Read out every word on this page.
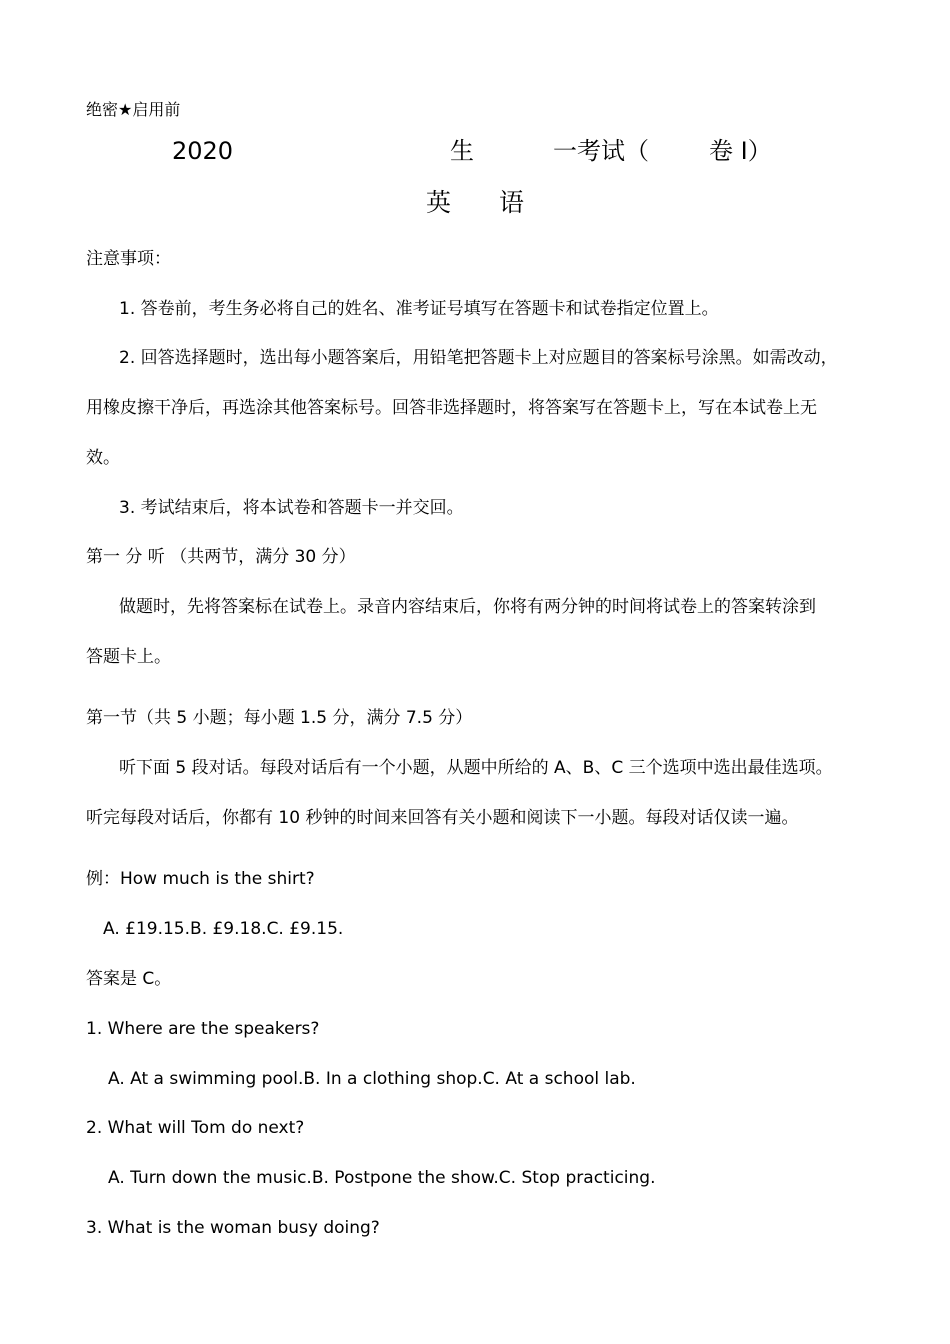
绝密★启用前
2020	生	一考试（	卷 I）
英 语
注意事项：
1. 答卷前，考生务必将自己的姓名、准考证号填写在答题卡和试卷指定位置上。
2. 回答选择题时，选出每小题答案后，用铅笔把答题卡上对应题目的答案标号涂黑。如需改动，
用橡皮擦干净后，再选涂其他答案标号。回答非选择题时，将答案写在答题卡上，写在本试卷上无
效。
3. 考试结束后，将本试卷和答题卡一并交回。
第一 分 听 （共两节，满分 30 分）
做题时，先将答案标在试卷上。录音内容结束后，你将有两分钟的时间将试卷上的答案转涂到
答题卡上。
第一节（共 5 小题；每小题 1.5 分，满分 7.5 分）
听下面 5 段对话。每段对话后有一个小题，从题中所给的 A、B、C 三个选项中选出最佳选项。
听完每段对话后，你都有 10 秒钟的时间来回答有关小题和阅读下一小题。每段对话仅读一遍。
例：How much is the shirt?
A. £19.15.B. £9.18.C. £9.15.
答案是 C。
1. Where are the speakers?
A. At a swimming pool.B. In a clothing shop.C. At a school lab.
2. What will Tom do next?
A. Turn down the music.B. Postpone the show.C. Stop practicing.
3. What is the woman busy doing?
